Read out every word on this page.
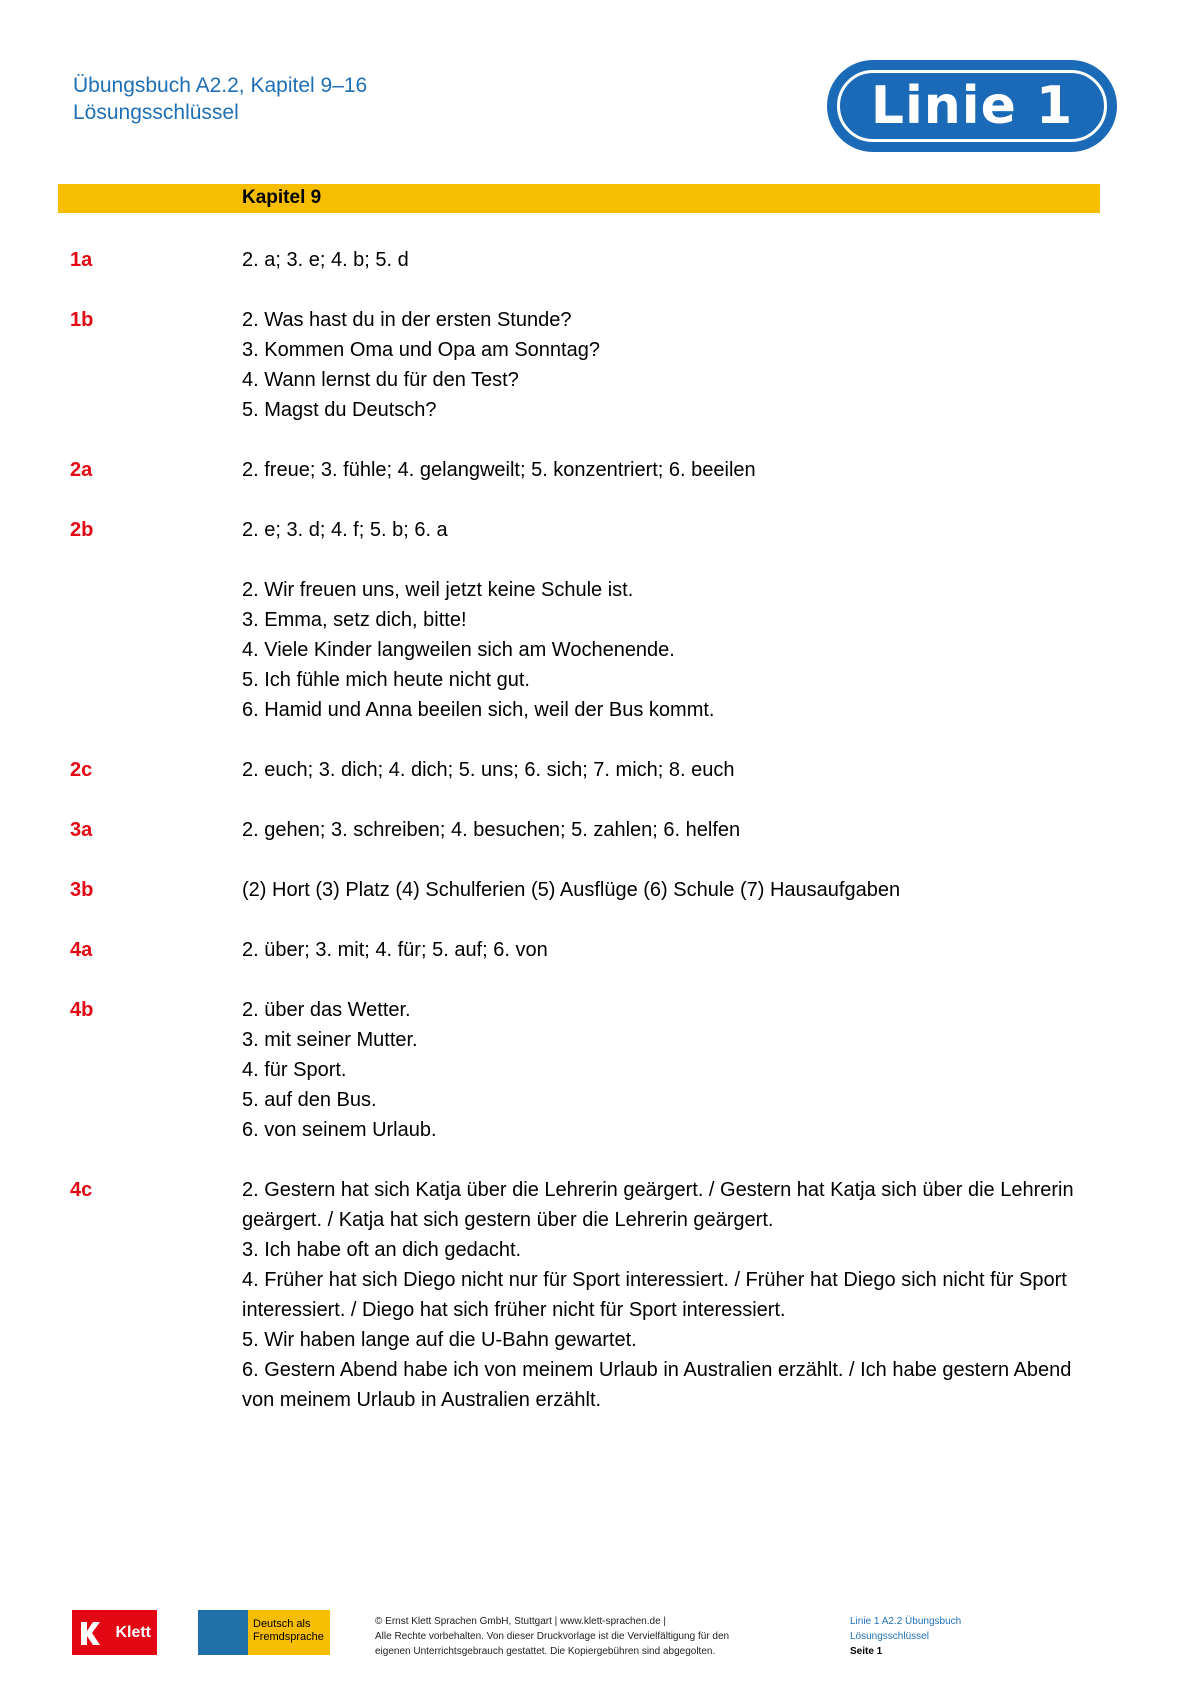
Übungsbuch A2.2, Kapitel 9–16
Lösungsschlüssel	Linie 1
Kapitel 9
1a	2. a; 3. e; 4. b; 5. d
1b	2. Was hast du in der ersten Stunde?
3. Kommen Oma und Opa am Sonntag?
4. Wann lernst du für den Test?
5. Magst du Deutsch?
2a	2. freue; 3. fühle; 4. gelangweilt; 5. konzentriert; 6. beeilen
2b	2. e; 3. d; 4. f; 5. b; 6. a
2. Wir freuen uns, weil jetzt keine Schule ist.
3. Emma, setz dich, bitte!
4. Viele Kinder langweilen sich am Wochenende.
5. Ich fühle mich heute nicht gut.
6. Hamid und Anna beeilen sich, weil der Bus kommt.
2c	2. euch; 3. dich; 4. dich; 5. uns; 6. sich; 7. mich; 8. euch
3a	2. gehen; 3. schreiben; 4. besuchen; 5. zahlen; 6. helfen
3b	(2) Hort (3) Platz (4) Schulferien (5) Ausflüge (6) Schule (7) Hausaufgaben
4a	2. über; 3. mit; 4. für; 5. auf; 6. von
4b	2. über das Wetter.
3. mit seiner Mutter.
4. für Sport.
5. auf den Bus.
6. von seinem Urlaub.
4c	2. Gestern hat sich Katja über die Lehrerin geärgert. / Gestern hat Katja sich über die Lehrerin geärgert. / Katja hat sich gestern über die Lehrerin geärgert.
3. Ich habe oft an dich gedacht.
4. Früher hat sich Diego nicht nur für Sport interessiert. / Früher hat Diego sich nicht für Sport interessiert. / Diego hat sich früher nicht für Sport interessiert.
5. Wir haben lange auf die U-Bahn gewartet.
6. Gestern Abend habe ich von meinem Urlaub in Australien erzählt. / Ich habe gestern Abend von meinem Urlaub in Australien erzählt.
Klett	Deutsch als
Fremdsprache
© Ernst Klett Sprachen GmbH, Stuttgart | www.klett-sprachen.de |
Alle Rechte vorbehalten. Von dieser Druckvorlage ist die Vervielfältigung für den
eigenen Unterrichtsgebrauch gestattet. Die Kopiergebühren sind abgegolten.
Linie 1 A2.2 Übungsbuch
Lösungsschlüssel
Seite 1
